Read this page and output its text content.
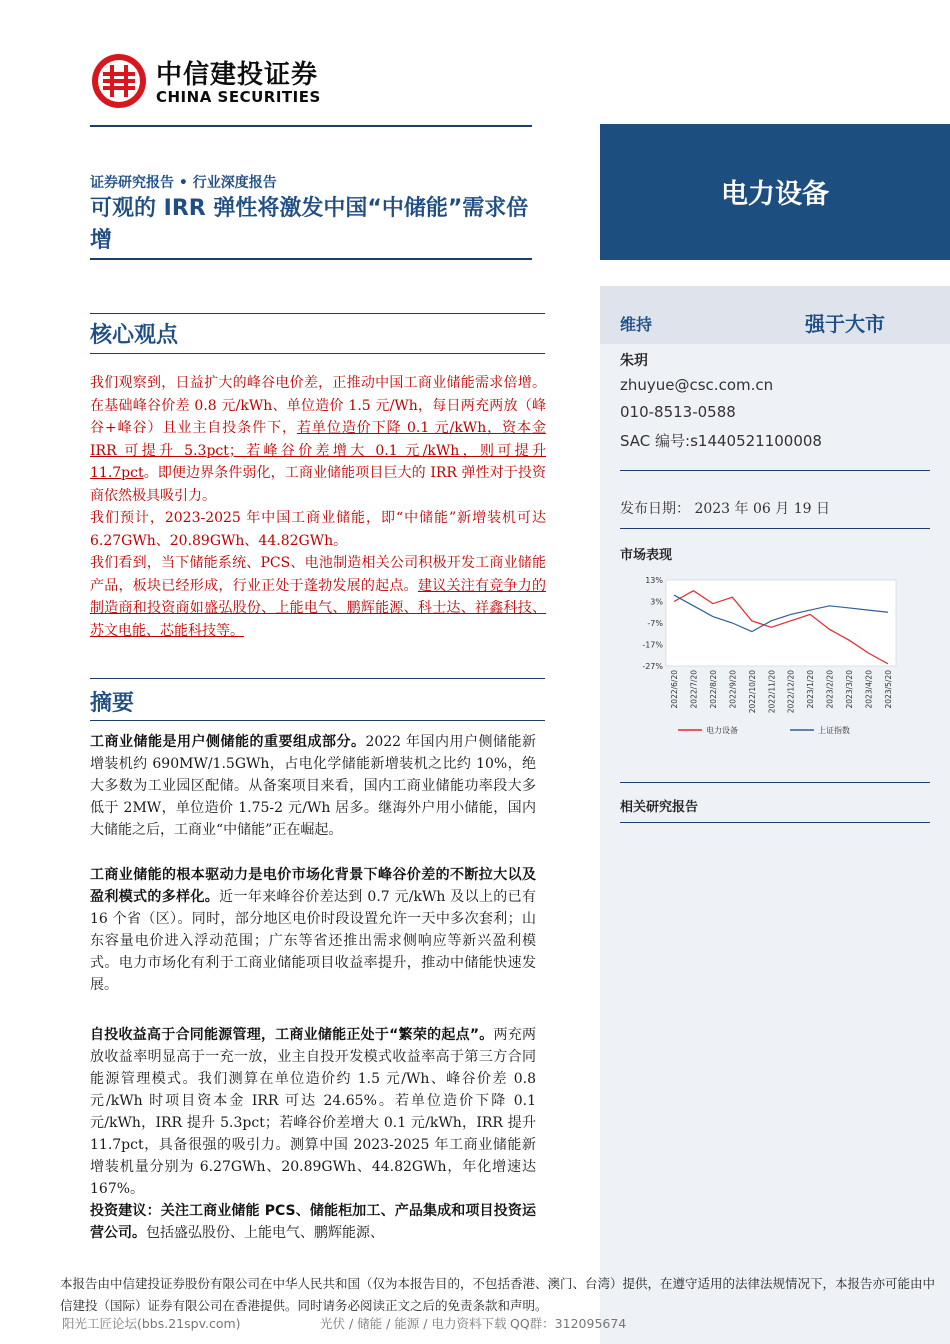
中信建投证券
CHINA SECURITIES
证券研究报告 • 行业深度报告
可观的 IRR 弹性将激发中国“中储能”需求倍增
电力设备
维持	强于大市
朱玥
zhuyue@csc.com.cn
010-8513-0588
SAC 编号:s1440521100008
发布日期： 2023 年 06 月 19 日
市场表现
13%
3%
-7%
-17%
-27%
2022/6/20 2022/7/20 2022/8/20 2022/9/20 2022/10/20 2022/11/20 2022/12/20 2023/1/20 2023/2/20 2023/3/20 2023/4/20 2023/5/20
电力设备	上证指数
相关研究报告
核心观点

我们观察到，日益扩大的峰谷电价差，正推动中国工商业储能需求倍增。在基础峰谷价差 0.8 元/kWh、单位造价 1.5 元/Wh，每日两充两放（峰谷+峰谷）且业主自投条件下，若单位造价下降 0.1 元/kWh，资本金 IRR 可提升 5.3pct；若峰谷价差增大 0.1 元/kWh，则可提升 11.7pct。即便边界条件弱化，工商业储能项目巨大的 IRR 弹性对于投资商依然极具吸引力。

我们预计，2023-2025 年中国工商业储能，即“中储能”新增装机可达 6.27GWh、20.89GWh、44.82GWh。

我们看到，当下储能系统、PCS、电池制造相关公司积极开发工商业储能产品，板块已经形成，行业正处于蓬勃发展的起点。建议关注有竞争力的制造商和投资商如盛弘股份、上能电气、鹏辉能源、科士达、祥鑫科技、苏文电能、芯能科技等。

摘要
工商业储能是用户侧储能的重要组成部分。2022 年国内用户侧储能新增装机约 690MW/1.5GWh，占电化学储能新增装机之比约 10%，绝大多数为工业园区配储。从备案项目来看，国内工商业储能功率段大多低于 2MW，单位造价 1.75-2 元/Wh 居多。继海外户用小储能，国内大储能之后，工商业“中储能”正在崛起。
工商业储能的根本驱动力是电价市场化背景下峰谷价差的不断拉大以及盈利模式的多样化。近一年来峰谷价差达到 0.7 元/kWh 及以上的已有 16 个省（区）。同时，部分地区电价时段设置允许一天中多次套利；山东容量电价进入浮动范围；广东等省还推出需求侧响应等新兴盈利模式。电力市场化有利于工商业储能项目收益率提升，推动中储能快速发展。
自投收益高于合同能源管理，工商业储能正处于“繁荣的起点”。两充两放收益率明显高于一充一放，业主自投开发模式收益率高于第三方合同能源管理模式。我们测算在单位造价约 1.5 元/Wh、峰谷价差 0.8 元/kWh 时项目资本金 IRR 可达 24.65%。若单位造价下降 0.1 元/kWh，IRR 提升 5.3pct；若峰谷价差增大 0.1 元/kWh，IRR 提升 11.7pct，具备很强的吸引力。测算中国 2023-2025 年工商业储能新增装机量分别为 6.27GWh、20.89GWh、44.82GWh，年化增速达 167%。
投资建议：关注工商业储能 PCS、储能柜加工、产品集成和项目投资运营公司。包括盛弘股份、上能电气、鹏辉能源、
本报告由中信建投证券股份有限公司在中华人民共和国（仅为本报告目的，不包括香港、澳门、台湾）提供，在遵守适用的法律法规情况下，本报告亦可能由中信建投（国际）证券有限公司在香港提供。同时请务必阅读正文之后的免责条款和声明。
阳光工匠论坛(bbs.21spv.com)	光伏 / 储能 / 能源 / 电力资料下载 QQ群：312095674
